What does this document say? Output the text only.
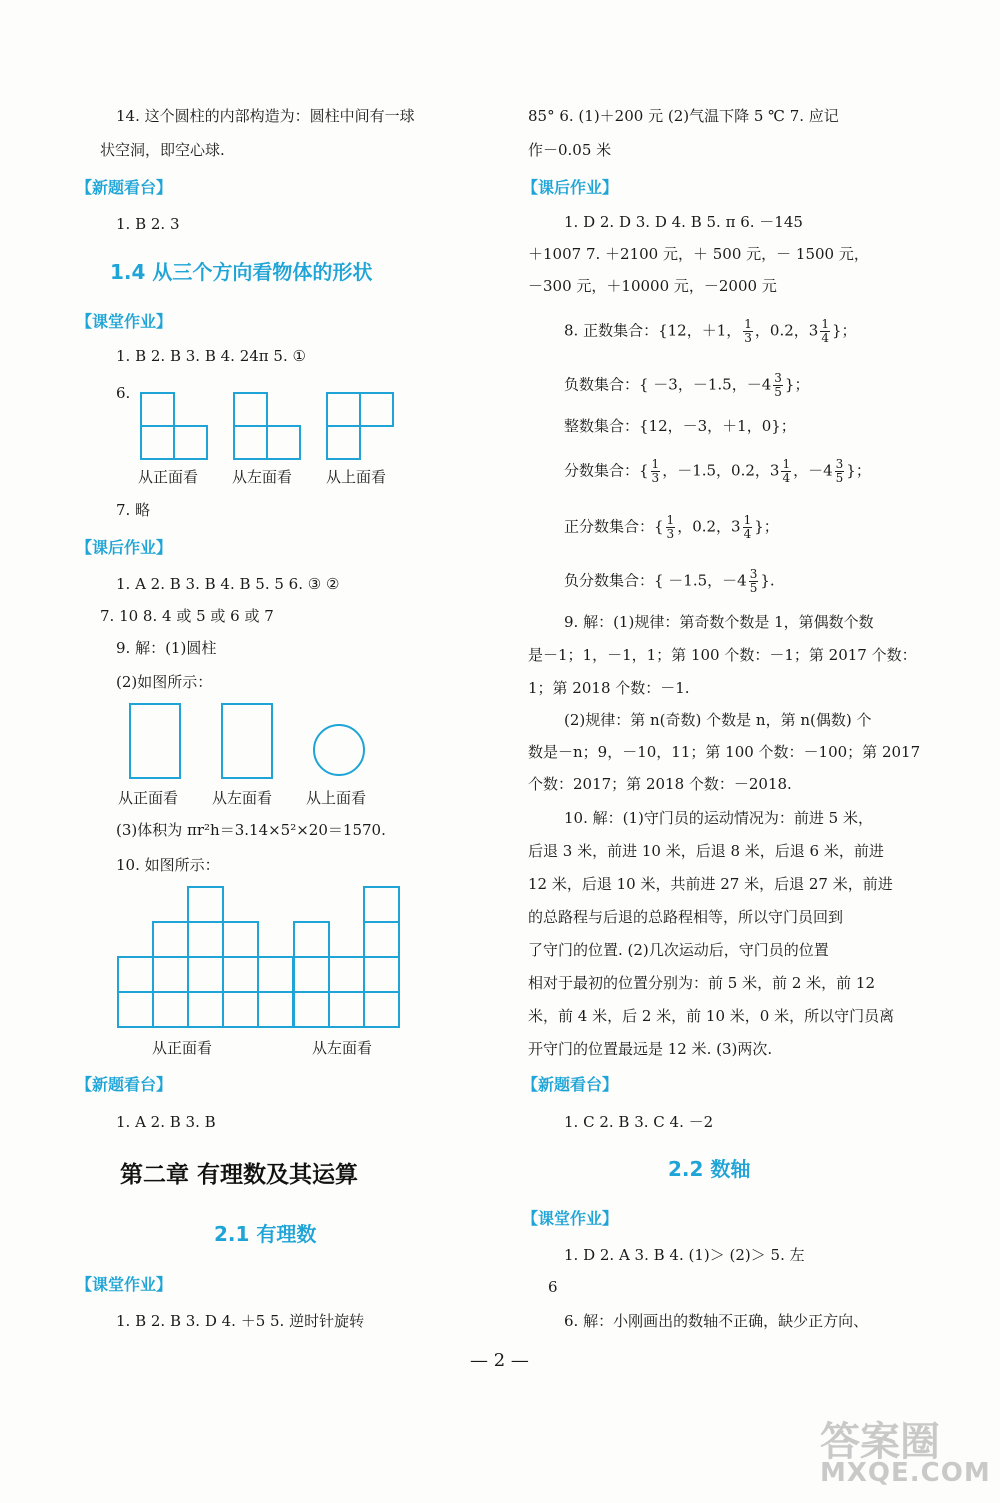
14. 这个圆柱的内部构造为：圆柱中间有一球
状空洞，即空心球.
【新题看台】
1. B 2. 3
1.4 从三个方向看物体的形状
【课堂作业】
1. B 2. B 3. B 4. 24π 5. ①
6.
从正面看 从左面看 从上面看
7. 略
【课后作业】
1. A 2. B 3. B 4. B 5. 5 6. ③ ②
7. 10 8. 4 或 5 或 6 或 7
9. 解：(1)圆柱
(2)如图所示：
从正面看 从左面看 从上面看
(3)体积为 πr²h＝3.14×5²×20＝1570.
10. 如图所示：
从正面看	从左面看
【新题看台】
1. A 2. B 3. B
第二章 有理数及其运算
2.1 有理数
【课堂作业】
1. B 2. B 3. D 4. ＋5 5. 逆时针旋转
85° 6. (1)＋200 元 (2)气温下降 5 ℃ 7. 应记
作－0.05 米
【课后作业】
1. D 2. D 3. D 4. B 5. π 6. －145
＋1007 7. ＋2100 元，＋ 500 元，－ 1500 元，
－300 元，＋10000 元，－2000 元
8. 正数集合：{12，＋1， $\frac{1}{3}$ ，0.2，$3 \frac{1}{4}$ }；
负数集合：{ －3，－1.5，$-4 \frac{3}{5}$ }；
整数集合：{12，－3，＋1，0}；
分数集合：{ $\frac{1}{3}$ ，－1.5，0.2，$3 \frac{1}{4}$ ，$-4 \frac{3}{5}$ }；
正分数集合：{ $\frac{1}{3}$ ，0.2，$3 \frac{1}{4}$ }；
负分数集合：{ －1.5，$-4 \frac{3}{5}$ }.
9. 解：(1)规律：第奇数个数是 1，第偶数个数
是－1；1，－1，1；第 100 个数：－1；第 2017 个数：
1；第 2018 个数：－1.
(2)规律：第 n(奇数) 个数是 n，第 n(偶数) 个
数是－n；9，－10，11；第 100 个数：－100；第 2017
个数：2017；第 2018 个数：－2018.
10. 解：(1)守门员的运动情况为：前进 5 米，
后退 3 米，前进 10 米，后退 8 米，后退 6 米，前进
12 米，后退 10 米，共前进 27 米，后退 27 米，前进
的总路程与后退的总路程相等，所以守门员回到
了守门的位置. (2)几次运动后，守门员的位置
相对于最初的位置分别为：前 5 米，前 2 米，前 12
米，前 4 米，后 2 米，前 10 米，0 米，所以守门员离
开守门的位置最远是 12 米. (3)两次.
【新题看台】
1. C 2. B 3. C 4. －2
2.2 数轴
【课堂作业】
1. D 2. A 3. B 4. (1)＞ (2)＞ 5. 左
6
6. 解：小刚画出的数轴不正确，缺少正方向、
— 2 —
答案圈
MXQE.COM
